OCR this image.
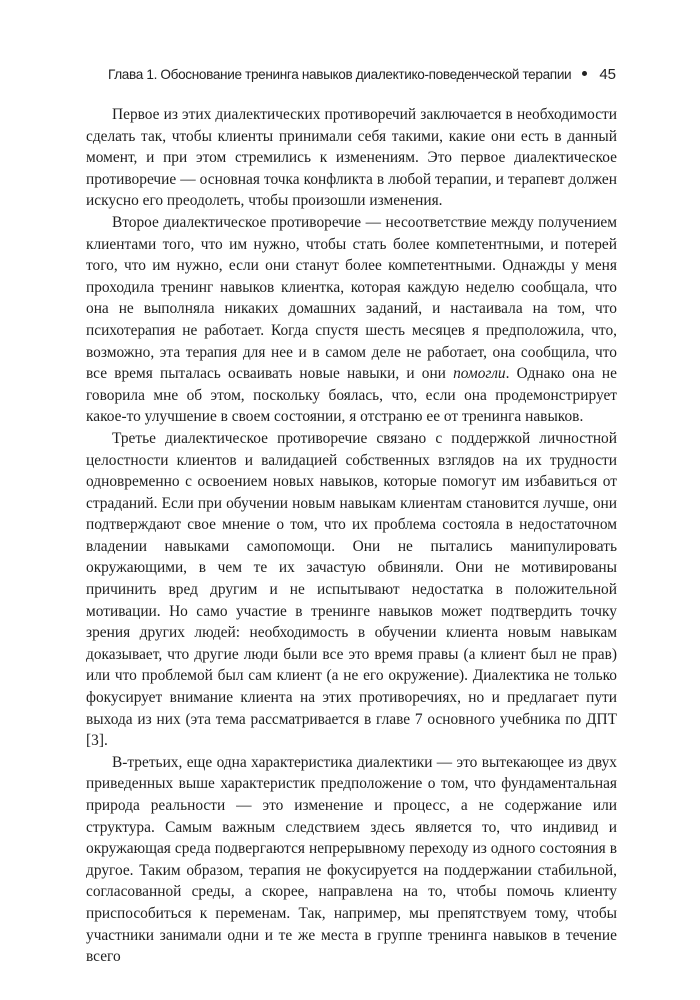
Глава 1. Обоснование тренинга навыков диалектико-поведенческой терапии 45

Первое из этих диалектических противоречий заключается в необходимости сделать так, чтобы клиенты принимали себя такими, какие они есть в данный момент, и при этом стремились к изменениям. Это первое диалектическое противоречие — основная точка конфликта в любой терапии, и терапевт должен искусно его преодолеть, чтобы произошли изменения.

Второе диалектическое противоречие — несоответствие между получением клиентами того, что им нужно, чтобы стать более компетентными, и потерей того, что им нужно, если они станут более компетентными. Однажды у меня проходила тренинг навыков клиентка, которая каждую неделю сообщала, что она не выполняла никаких домашних заданий, и настаивала на том, что психотерапия не работает. Когда спустя шесть месяцев я предположила, что, возможно, эта терапия для нее и в самом деле не работает, она сообщила, что все время пыталась осваивать новые навыки, и они помогли. Однако она не говорила мне об этом, поскольку боялась, что, если она продемонстрирует какое-то улучшение в своем состоянии, я отстраню ее от тренинга навыков.

Третье диалектическое противоречие связано с поддержкой личностной целостности клиентов и валидацией собственных взглядов на их трудности одновременно с освоением новых навыков, которые помогут им избавиться от страданий. Если при обучении новым навыкам клиентам становится лучше, они подтверждают свое мнение о том, что их проблема состояла в недостаточном владении навыками самопомощи. Они не пытались манипулировать окружающими, в чем те их зачастую обвиняли. Они не мотивированы причинить вред другим и не испытывают недостатка в положительной мотивации. Но само участие в тренинге навыков может подтвердить точку зрения других людей: необходимость в обучении клиента новым навыкам доказывает, что другие люди были все это время правы (а клиент был не прав) или что проблемой был сам клиент (а не его окружение). Диалектика не только фокусирует внимание клиента на этих противоречиях, но и предлагает пути выхода из них (эта тема рассматривается в главе 7 основного учебника по ДПТ [3].

В-третьих, еще одна характеристика диалектики — это вытекающее из двух приведенных выше характеристик предположение о том, что фундаментальная природа реальности — это изменение и процесс, а не содержание или структура. Самым важным следствием здесь является то, что индивид и окружающая среда подвергаются непрерывному переходу из одного состояния в другое. Таким образом, терапия не фокусируется на поддержании стабильной, согласованной среды, а скорее, направлена на то, чтобы помочь клиенту приспособиться к переменам. Так, например, мы препятствуем тому, чтобы участники занимали одни и те же места в группе тренинга навыков в течение всего
